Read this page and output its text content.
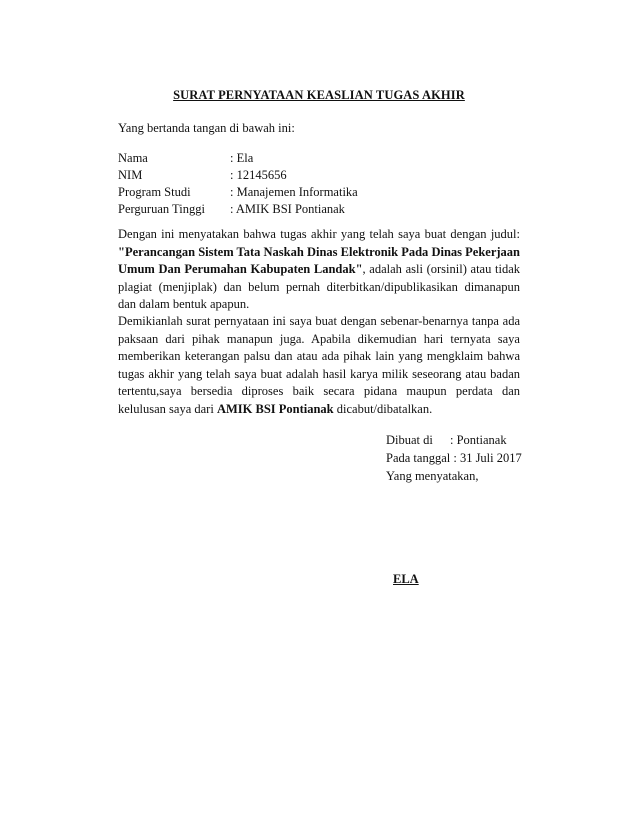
SURAT PERNYATAAN KEASLIAN TUGAS AKHIR
Yang bertanda tangan di bawah ini:
Nama	: Ela
NIM	: 12145656
Program Studi	: Manajemen Informatika
Perguruan Tinggi : AMIK BSI Pontianak

Dengan ini menyatakan bahwa tugas akhir yang telah saya buat dengan judul: "Perancangan Sistem Tata Naskah Dinas Elektronik Pada Dinas Pekerjaan Umum Dan Perumahan Kabupaten Landak", adalah asli (orsinil) atau tidak plagiat (menjiplak) dan belum pernah diterbitkan/dipublikasikan dimanapun dan dalam bentuk apapun.

Demikianlah surat pernyataan ini saya buat dengan sebenar-benarnya tanpa ada paksaan dari pihak manapun juga. Apabila dikemudian hari ternyata saya memberikan keterangan palsu dan atau ada pihak lain yang mengklaim bahwa tugas akhir yang telah saya buat adalah hasil karya milik seseorang atau badan tertentu,saya bersedia diproses baik secara pidana maupun perdata dan kelulusan saya dari AMIK BSI Pontianak dicabut/dibatalkan.

Dibuat di : Pontianak
Pada tanggal : 31 Juli 2017
Yang menyatakan,
ELA
